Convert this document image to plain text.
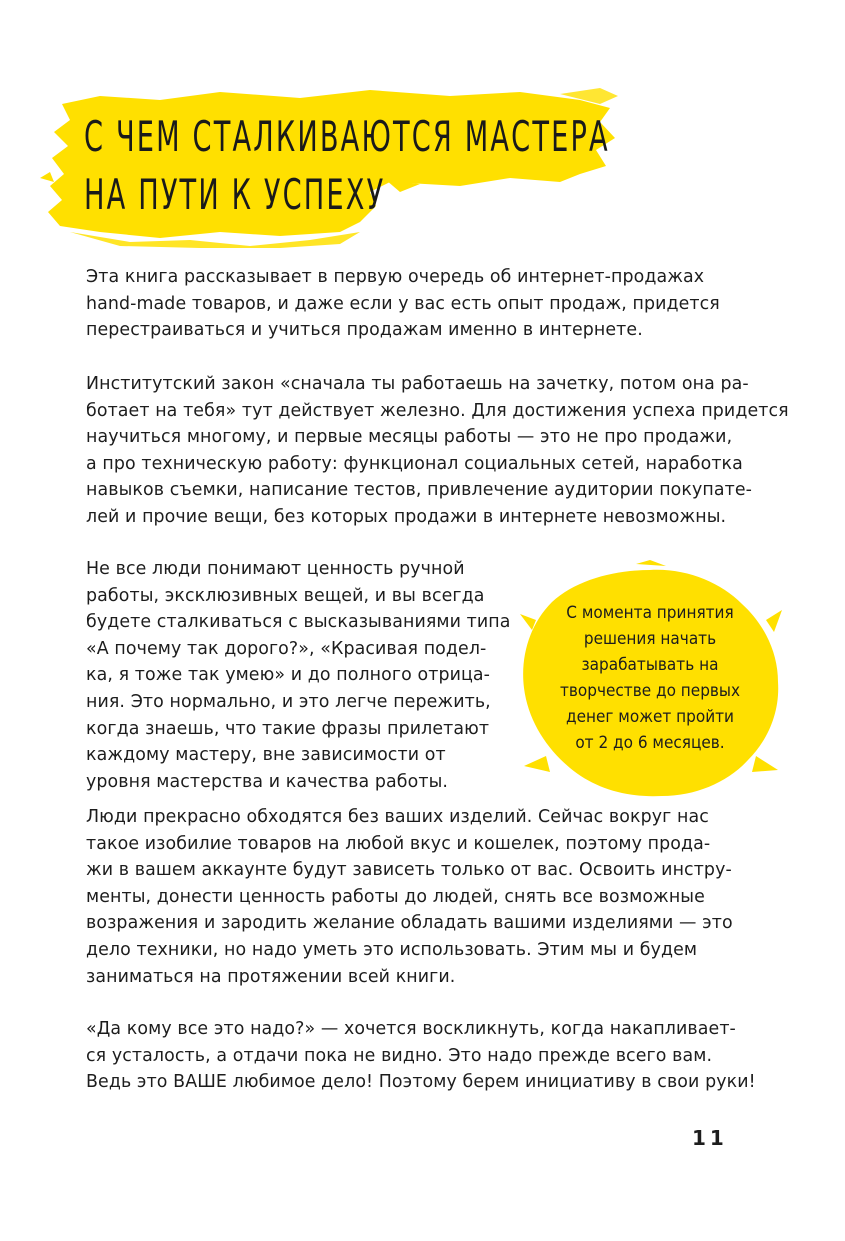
С ЧЕМ СТАЛКИВАЮТСЯ МАСТЕРА
НА ПУТИ К УСПЕХУ

Эта книга рассказывает в первую очередь об интернет-продажах
hand-made товаров, и даже если у вас есть опыт продаж, придется
перестраиваться и учиться продажам именно в интернете.

Институтский закон «сначала ты работаешь на зачетку, потом она ра-
ботает на тебя» тут действует железно. Для достижения успеха придется
научиться многому, и первые месяцы работы — это не про продажи,
а про техническую работу: функционал социальных сетей, наработка
навыков съемки, написание тестов, привлечение аудитории покупате-
лей и прочие вещи, без которых продажи в интернете невозможны.

Не все люди понимают ценность ручной
работы, эксклюзивных вещей, и вы всегда
будете сталкиваться с высказываниями типа
«А почему так дорого?», «Красивая подел-
ка, я тоже так умею» и до полного отрица-
ния. Это нормально, и это легче пережить,
когда знаешь, что такие фразы прилетают
каждому мастеру, вне зависимости от
уровня мастерства и качества работы.

С момента принятия
решения начать
зарабатывать на
творчестве до первых
денег может пройти
от 2 до 6 месяцев.

Люди прекрасно обходятся без ваших изделий. Сейчас вокруг нас
такое изобилие товаров на любой вкус и кошелек, поэтому прода-
жи в вашем аккаунте будут зависеть только от вас. Освоить инстру-
менты, донести ценность работы до людей, снять все возможные
возражения и зародить желание обладать вашими изделиями — это
дело техники, но надо уметь это использовать. Этим мы и будем
заниматься на протяжении всей книги.

«Да кому все это надо?» — хочется воскликнуть, когда накапливает-
ся усталость, а отдачи пока не видно. Это надо прежде всего вам.
Ведь это ВАШЕ любимое дело! Поэтому берем инициативу в свои руки!

11
